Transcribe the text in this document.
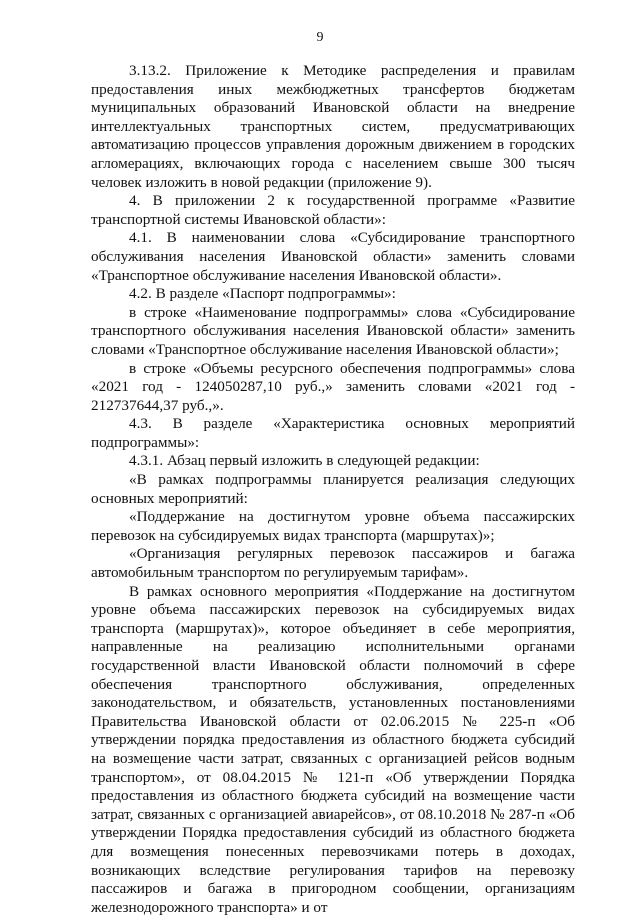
9

3.13.2. Приложение к Методике распределения и правилам предоставления иных межбюджетных трансфертов бюджетам муниципальных образований Ивановской области на внедрение интеллектуальных транспортных систем, предусматривающих автоматизацию процессов управления дорожным движением в городских агломерациях, включающих города с населением свыше 300 тысяч человек изложить в новой редакции (приложение 9).

4. В приложении 2 к государственной программе «Развитие транспортной системы Ивановской области»:

4.1. В наименовании слова «Субсидирование транспортного обслуживания населения Ивановской области» заменить словами «Транспортное обслуживание населения Ивановской области».

4.2. В разделе «Паспорт подпрограммы»:

в строке «Наименование подпрограммы» слова «Субсидирование транспортного обслуживания населения Ивановской области» заменить словами «Транспортное обслуживание населения Ивановской области»;

в строке «Объемы ресурсного обеспечения подпрограммы» слова «2021 год - 124050287,10 руб.,» заменить словами «2021 год - 212737644,37 руб.,».

4.3. В разделе «Характеристика основных мероприятий подпрограммы»:

4.3.1. Абзац первый изложить в следующей редакции:

«В рамках подпрограммы планируется реализация следующих основных мероприятий:

«Поддержание на достигнутом уровне объема пассажирских перевозок на субсидируемых видах транспорта (маршрутах)»;

«Организация регулярных перевозок пассажиров и багажа автомобильным транспортом по регулируемым тарифам».

В рамках основного мероприятия «Поддержание на достигнутом уровне объема пассажирских перевозок на субсидируемых видах транспорта (маршрутах)», которое объединяет в себе мероприятия, направленные на реализацию исполнительными органами государственной власти Ивановской области полномочий в сфере обеспечения транспортного обслуживания, определенных законодательством, и обязательств, установленных постановлениями Правительства Ивановской области от 02.06.2015 № 225-п «Об утверждении порядка предоставления из областного бюджета субсидий на возмещение части затрат, связанных с организацией рейсов водным транспортом», от 08.04.2015 № 121-п «Об утверждении Порядка предоставления из областного бюджета субсидий на возмещение части затрат, связанных с организацией авиарейсов», от 08.10.2018 № 287-п «Об утверждении Порядка предоставления субсидий из областного бюджета для возмещения понесенных перевозчиками потерь в доходах, возникающих вследствие регулирования тарифов на перевозку пассажиров и багажа в пригородном сообщении, организациям железнодорожного транспорта» и от
